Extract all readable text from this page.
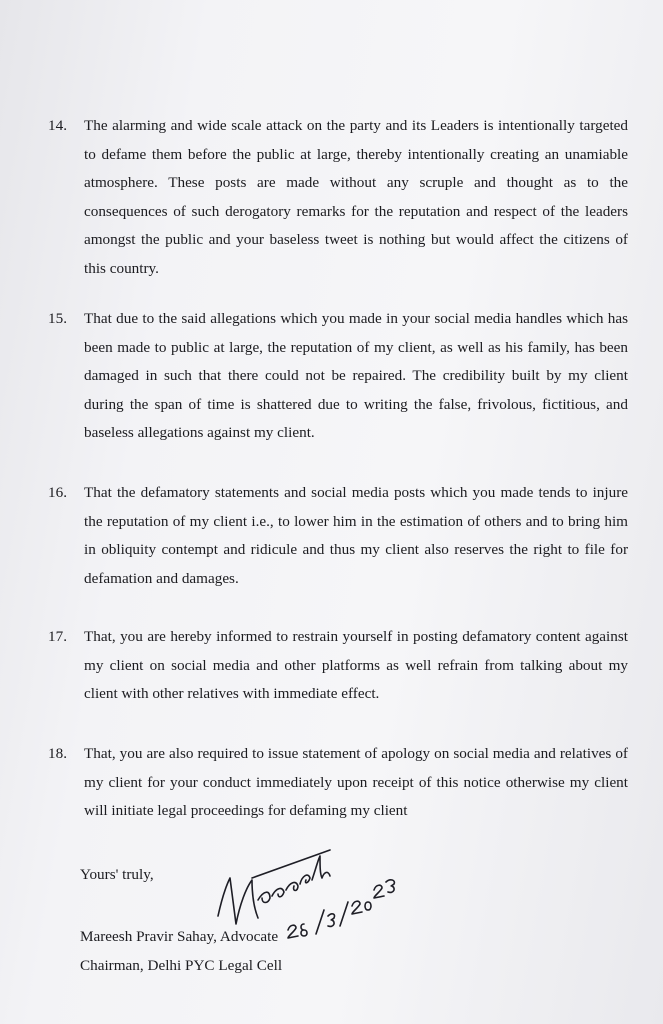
14.	The alarming and wide scale attack on the party and its Leaders is intentionally targeted to defame them before the public at large, thereby intentionally creating an unamiable atmosphere. These posts are made without any scruple and thought as to the consequences of such derogatory remarks for the reputation and respect of the leaders amongst the public and your baseless tweet is nothing but would affect the citizens of this country.
15.	That due to the said allegations which you made in your social media handles which has been made to public at large, the reputation of my client, as well as his family, has been damaged in such that there could not be repaired. The credibility built by my client during the span of time is shattered due to writing the false, frivolous, fictitious, and baseless allegations against my client.
16.	That the defamatory statements and social media posts which you made tends to injure the reputation of my client i.e., to lower him in the estimation of others and to bring him in obliquity contempt and ridicule and thus my client also reserves the right to file for defamation and damages.
17.	That, you are hereby informed to restrain yourself in posting defamatory content against my client on social media and other platforms as well refrain from talking about my client with other relatives with immediate effect.
18.	That, you are also required to issue statement of apology on social media and relatives of my client for your conduct immediately upon receipt of this notice otherwise my client will initiate legal proceedings for defaming my client
Yours' truly,
Mareesh Pravir Sahay, Advocate
Chairman, Delhi PYC Legal Cell
